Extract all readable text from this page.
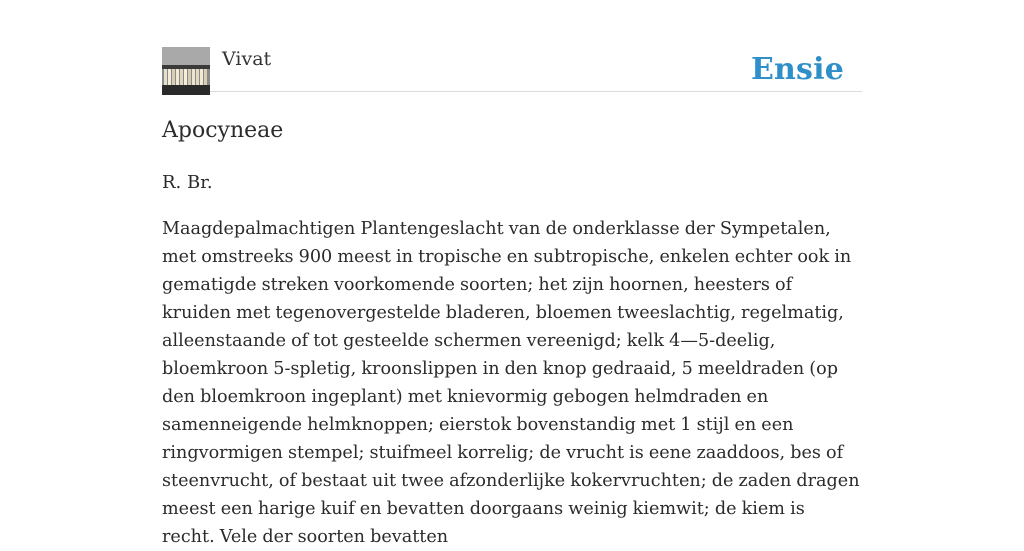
Vivat	Ensie
Apocyneae

R. Br.

Maagdepalmachtigen Plantengeslacht van de onderklasse der Sympetalen, met omstreeks 900 meest in tropische en subtropische, enkelen echter ook in gematigde streken voorkomende soorten; het zijn hoornen, heesters of kruiden met tegenovergestelde bladeren, bloemen tweeslachtig, regelmatig, alleenstaande of tot gesteelde schermen vereenigd; kelk 4—5-deelig, bloemkroon 5-spletig, kroonslippen in den knop gedraaid, 5 meeldraden (op den bloemkroon ingeplant) met knievormig gebogen helmdraden en samenneigende helmknoppen; eierstok bovenstandig met 1 stijl en een ringvormigen stempel; stuifmeel korrelig; de vrucht is eene zaaddoos, bes of steenvrucht, of bestaat uit twee afzonderlijke kokervruchten; de zaden dragen meest een harige kuif en bevatten doorgaans weinig kiemwit; de kiem is recht. Vele der soorten bevatten
